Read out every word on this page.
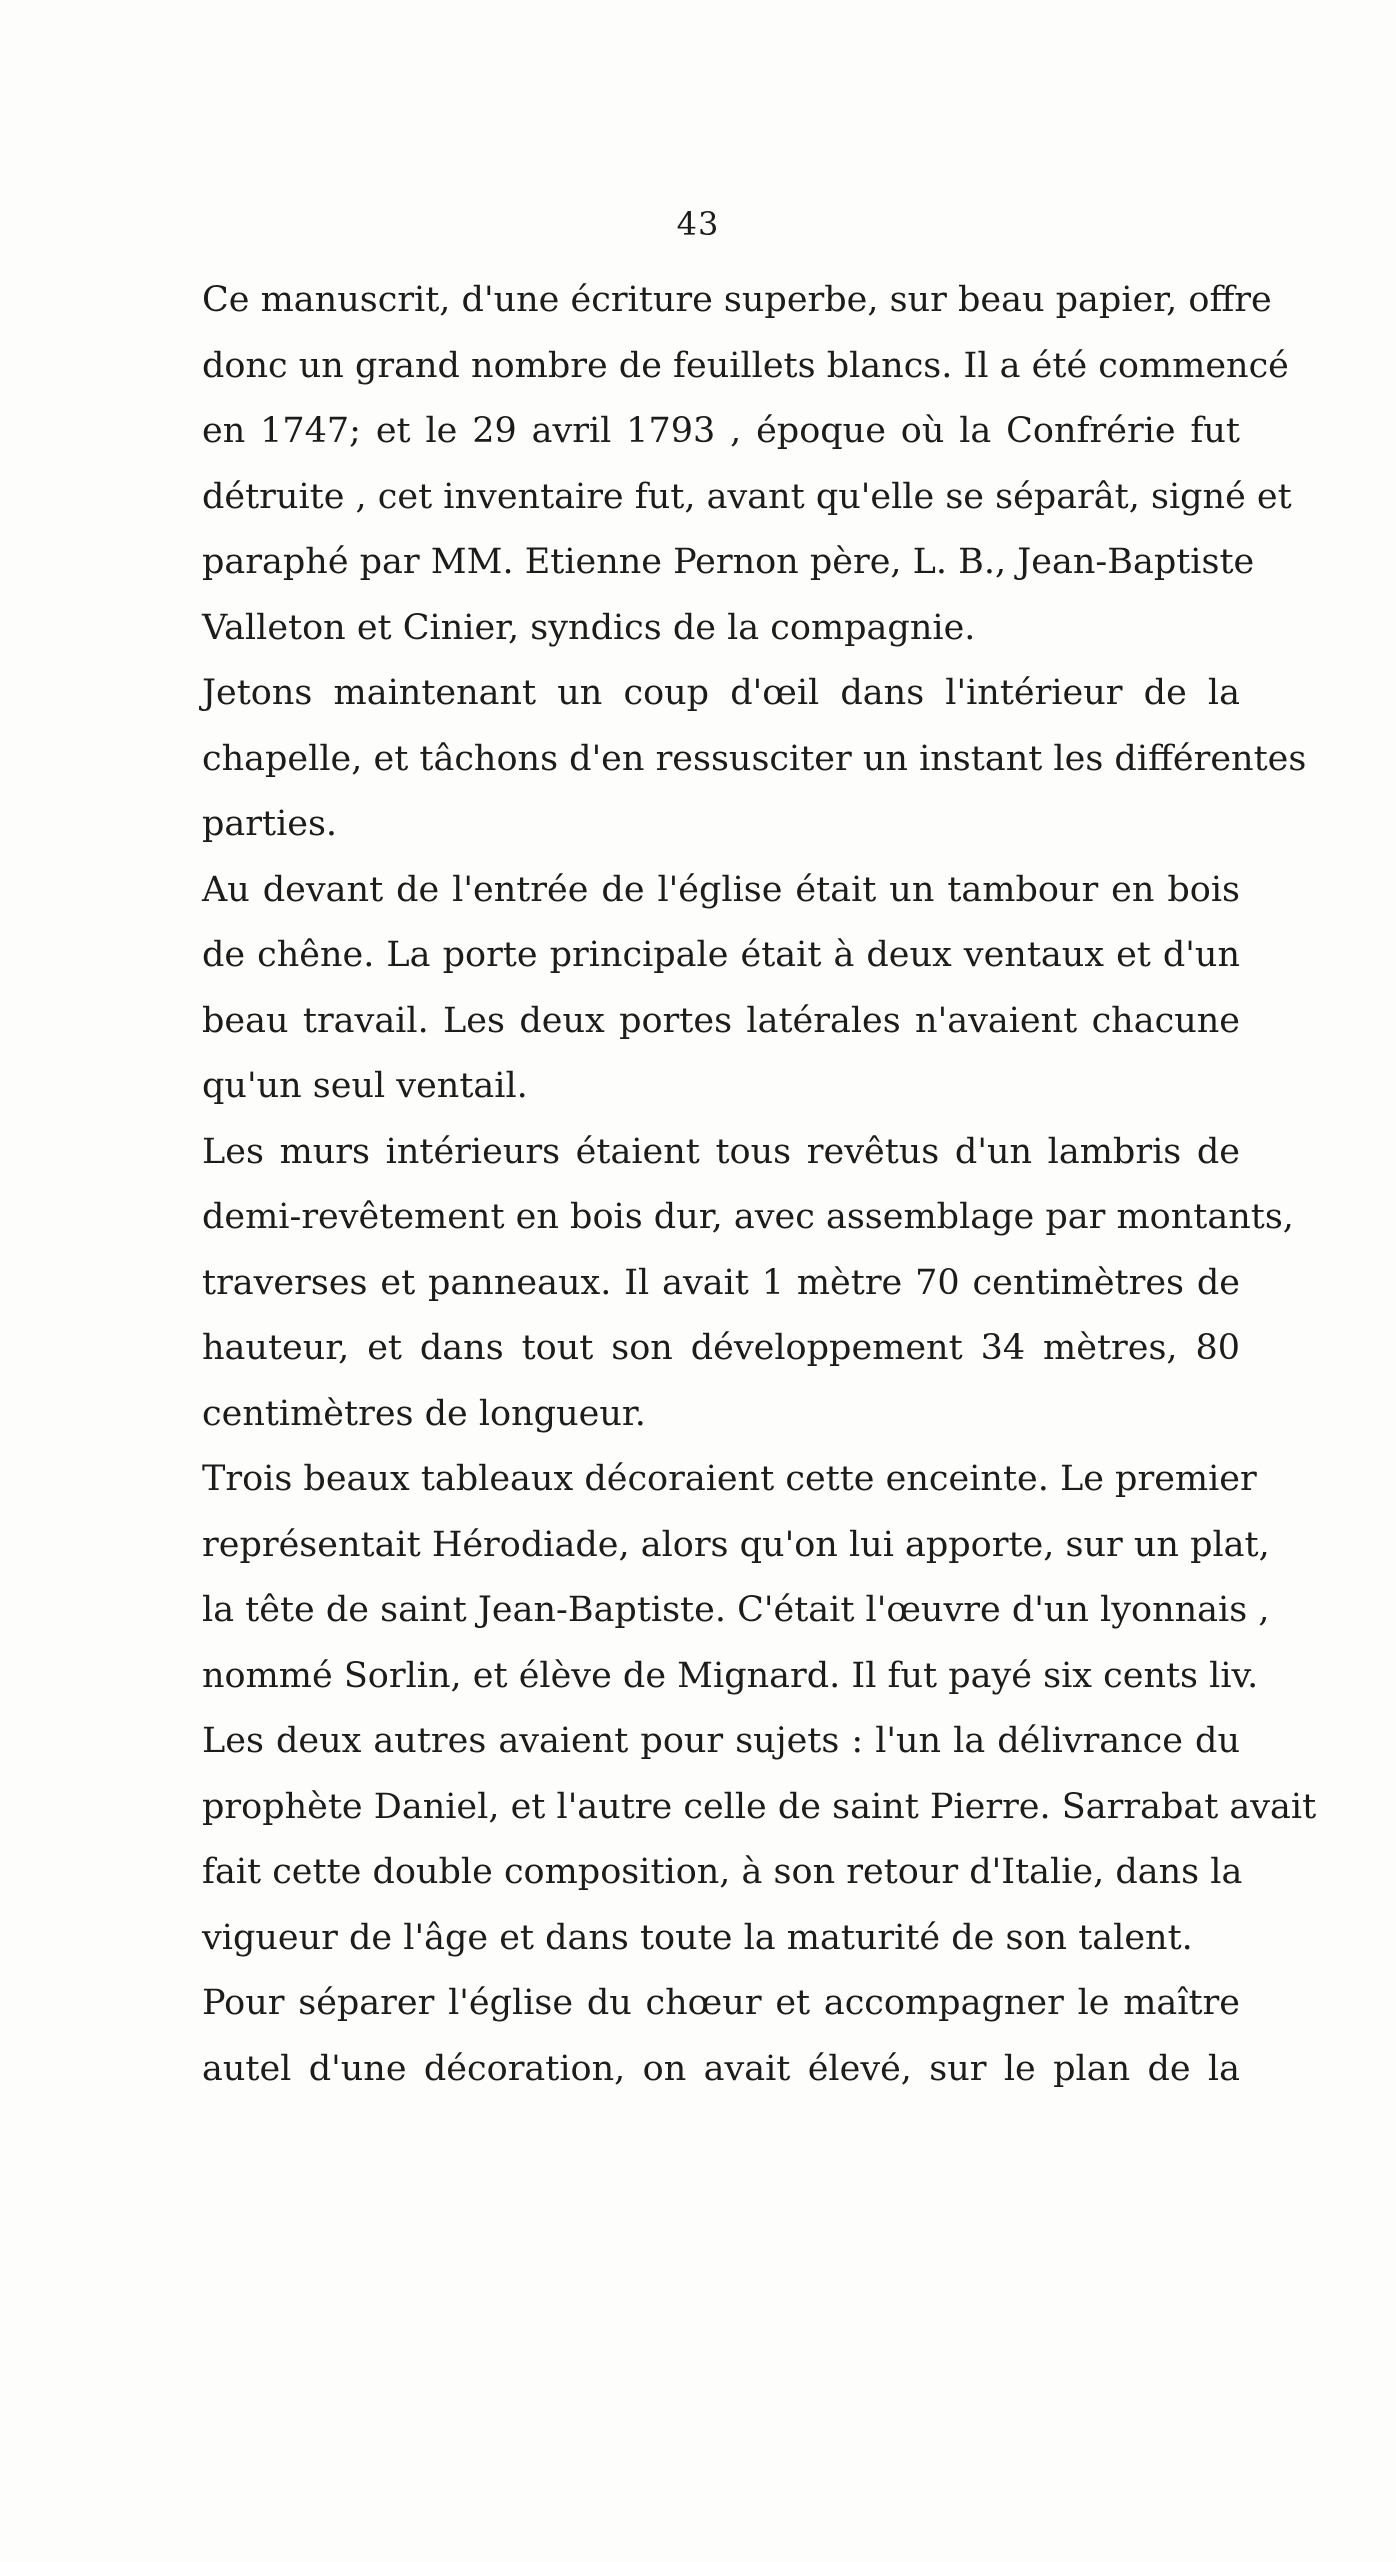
43

Ce manuscrit, d'une écriture superbe, sur beau papier, offre
donc un grand nombre de feuillets blancs. Il a été commencé
en 1747; et le 29 avril 1793 , époque où la Confrérie fut
détruite , cet inventaire fut, avant qu'elle se séparât, signé et
paraphé par MM. Etienne Pernon père, L. B., Jean-Baptiste
Valleton et Cinier, syndics de la compagnie.

Jetons maintenant un coup d'œil dans l'intérieur de la
chapelle, et tâchons d'en ressusciter un instant les différentes
parties.

Au devant de l'entrée de l'église était un tambour en bois
de chêne. La porte principale était à deux ventaux et d'un
beau travail. Les deux portes latérales n'avaient chacune
qu'un seul ventail.

Les murs intérieurs étaient tous revêtus d'un lambris de
demi-revêtement en bois dur, avec assemblage par montants,
traverses et panneaux. Il avait 1 mètre 70 centimètres de
hauteur, et dans tout son développement 34 mètres, 80
centimètres de longueur.

Trois beaux tableaux décoraient cette enceinte. Le premier
représentait Hérodiade, alors qu'on lui apporte, sur un plat,
la tête de saint Jean-Baptiste. C'était l'œuvre d'un lyonnais ,
nommé Sorlin, et élève de Mignard. Il fut payé six cents liv.
Les deux autres avaient pour sujets : l'un la délivrance du
prophète Daniel, et l'autre celle de saint Pierre. Sarrabat avait
fait cette double composition, à son retour d'Italie, dans la
vigueur de l'âge et dans toute la maturité de son talent.

Pour séparer l'église du chœur et accompagner le maître
autel d'une décoration, on avait élevé, sur le plan de la
